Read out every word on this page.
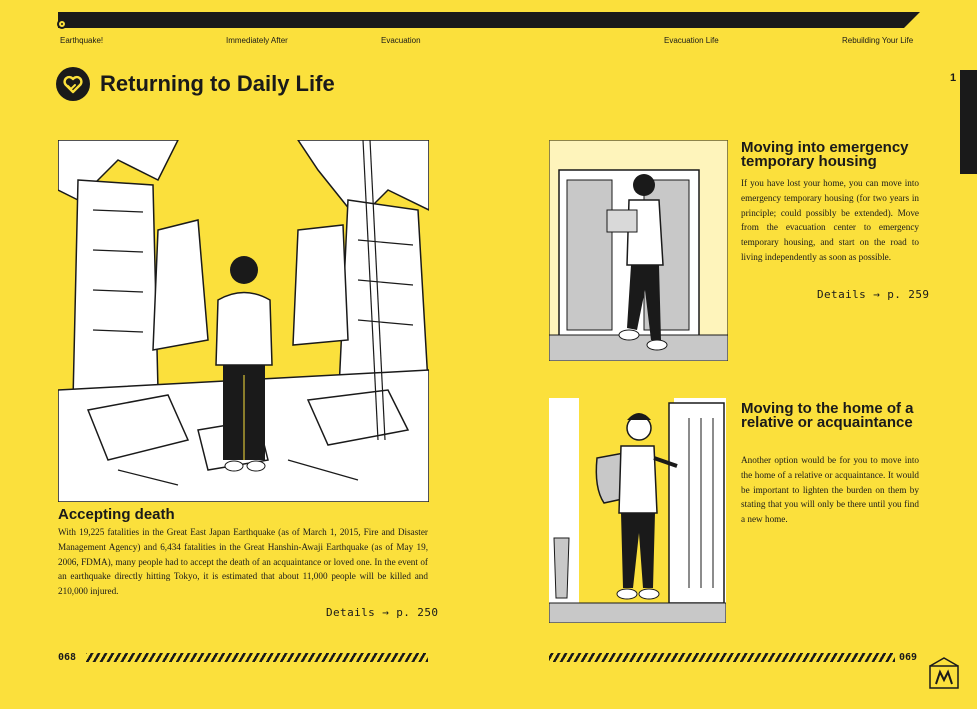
Earthquake!	Immediately After	Evacuation	Evacuation Life	Rebuilding Your Life
Returning to Daily Life	1
Accepting death

With 19,225 fatalities in the Great East Japan Earthquake (as of March 1, 2015, Fire and Disaster Management Agency) and 6,434 fatalities in the Great Hanshin-Awaji Earthquake (as of May 19, 2006, FDMA), many people had to accept the death of an acquaintance or loved one. In the event of an earthquake directly hitting Tokyo, it is estimated that about 11,000 people will be killed and 210,000 injured.

Details → p. 250
Moving into emergency temporary housing

If you have lost your home, you can move into emergency temporary housing (for two years in principle; could possibly be extended). Move from the evacuation center to emergency temporary housing, and start on the road to living independently as soon as possible.

Details → p. 259
Moving to the home of a relative or acquaintance

Another option would be for you to move into the home of a relative or acquaintance. It would be important to lighten the burden on them by stating that you will only be there until you find a new home.

068	069
